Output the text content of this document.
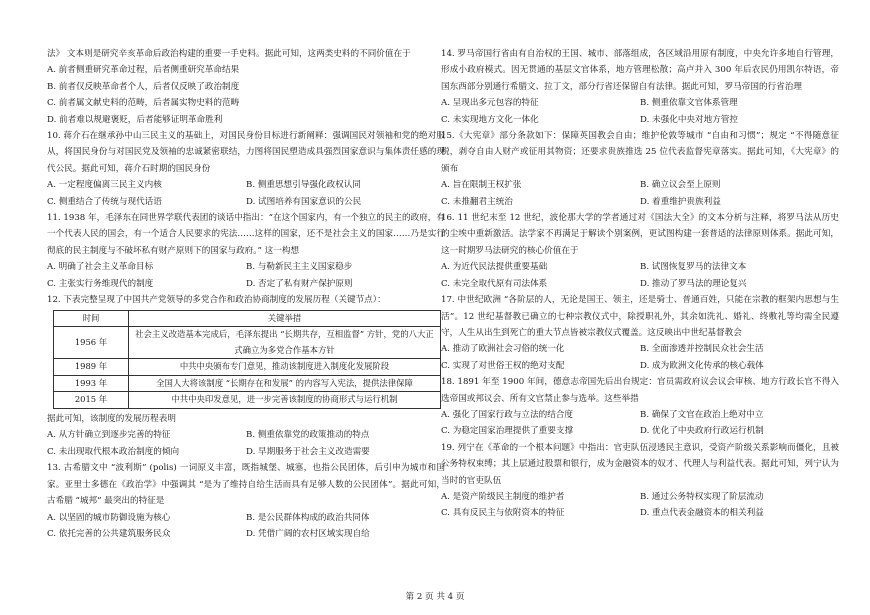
法》 文本则是研究辛亥革命后政治构建的重要一手史料。据此可知，这两类史料的不同价值在于

A. 前者侧重研究革命过程，后者侧重研究革命结果

B. 前者仅反映革命者个人，后者仅反映了政治制度

C. 前者属文献史料的范畴，后者属实物史料的范畴

D. 前者难以规避褒贬，后者能够证明革命胜利

10. 蒋介石在继承孙中山三民主义的基础上，对国民身份目标进行新阐释：强调国民对领袖和党的绝对服从，将国民身份与对国民党及领袖的忠诚紧密联结，力图将国民塑造成具强烈国家意识与集体责任感的现代公民。据此可知，蒋介石时期的国民身份

A. 一定程度偏离三民主义内核	B. 侧重思想引导强化政权认同
C. 侧重结合了传统与现代话语	D. 试图培养有国家意识的公民

11. 1938 年，毛泽东在同世界学联代表团的谈话中指出：“在这个国家内，有一个独立的民主的政府，有一个代表人民的国会，有一个适合人民要求的宪法……这样的国家，还不是社会主义的国家……乃是实行彻底的民主制度与不破坏私有财产原则下的国家与政府。” 这一构想

A. 明确了社会主义革命目标	B. 与勒新民主主义国家稳步
C. 主张实行务维现代的制度	D. 否定了私有财产保护原则

12. 下表完整呈现了中国共产党领导的多党合作和政治协商制度的发展历程（关键节点）：

时间	关键举措
1956 年	社会主义改造基本完成后，毛泽东提出 “长期共存，互相监督” 方针，党的八大正式确立为多党合作基本方针
1989 年	中共中央颁布专门意见，推动该制度进入制度化发展阶段
1993 年	全国人大将该制度 “长期存在和发展” 的内容写入宪法，提供法律保障
2015 年	中共中央印发意见，进一步完善该制度的协商形式与运行机制

据此可知，该制度的发展历程表明

A. 从方针确立到逐步完善的特征	B. 侧重依靠党的政策推动的特点
C. 未出现取代根本政治制度的倾向	D. 早期服务于社会主义改造需要

13. 古希腊文中 “波利斯” (polis) 一词原义丰富，既指城堡、城塞，也指公民团体，后引申为城市和国家。亚里士多德在《政治学》中强调其 “是为了维持自给生活而具有足够人数的公民团体”。据此可知，古希腊 “城邦” 最突出的特征是

A. 以坚固的城市防御设施为核心	B. 是公民群体构成的政治共同体
C. 依托完善的公共建筑服务民众	D. 凭借广阔的农村区域实现自给

14. 罗马帝国行省由有自治权的王国、城市、部落组成，各区域沿用原有制度，中央允许多地自行管理，形成小政府模式。因无贯通的基层文官体系，地方管理松散；高卢并入 300 年后农民仍用凯尔特语，帝国东西部分别通行希腊文、拉丁文，部分行省还保留自有法律。据此可知，罗马帝国的行省治理

A. 呈现出多元包容的特征	B. 侧重依靠文官体系管理
C. 未实现地方文化一体化	D. 未强化中央对地方管控

15.《大宪章》部分条款如下：保障英国教会自由；维护伦敦等城市 “自由和习惯”；规定 “不得随意征税，剥夺自由人财产或征用其物资；还要求贵族推选 25 位代表监督宪章落实。据此可知，《大宪章》的颁布

A. 旨在限制王权扩张	B. 确立议会至上原则
C. 未推翻君主统治	D. 着重维护贵族利益

16. 11 世纪末至 12 世纪，波伦那大学的学者通过对《国法大全》的文本分析与注释，将罗马法从历史的尘埃中重新激活。法学家不再满足于解读个别案例，更试图构建一套普适的法律原则体系。据此可知，这一时期罗马法研究的核心价值在于

A. 为近代民法提供重要基础	B. 试图恢复罗马的法律文本
C. 未完全取代原有司法体系	D. 推动了罗马法的理论复兴

17. 中世纪欧洲 “各阶层的人，无论是国王、领主，还是骑士、普通百姓，只能在宗教的框架内思想与生活”。12 世纪基督教已确立的七种宗教仪式中，除授职礼外，其余如洗礼、婚礼、终敷礼等均需全民遵守，人生从出生到死亡的重大节点皆被宗教仪式覆盖。这反映出中世纪基督教会

A. 推动了欧洲社会习俗的统一化	B. 全面渗透并控制民众社会生活
C. 实现了对世俗王权的绝对支配	D. 成为欧洲文化传承的核心载体

18. 1891 年至 1900 年间，德意志帝国先后出台规定：官员需政府议会议会审核、地方行政长官不得入选帝国或邦议会、所有文官禁止参与选举。这些举措

A. 强化了国家行政与立法的结合度	B. 确保了文官在政治上绝对中立
C. 为稳定国家治理提供了重要支撑	D. 优化了中央政府行政运行机制

19. 列宁在《革命的一个根本问题》中指出：官吏队伍浸透民主意识，受资产阶级关系影响而僵化，且被公务特权束缚；其上层通过股票和银行，成为金融资本的奴才、代理人与利益代表。据此可知，列宁认为当时的官吏队伍

A. 是资产阶级民主制度的维护者	B. 通过公务特权实现了阶层流动
C. 具有反民主与依附资本的特征	D. 重点代表金融资本的相关利益
第 2 页 共 4 页
